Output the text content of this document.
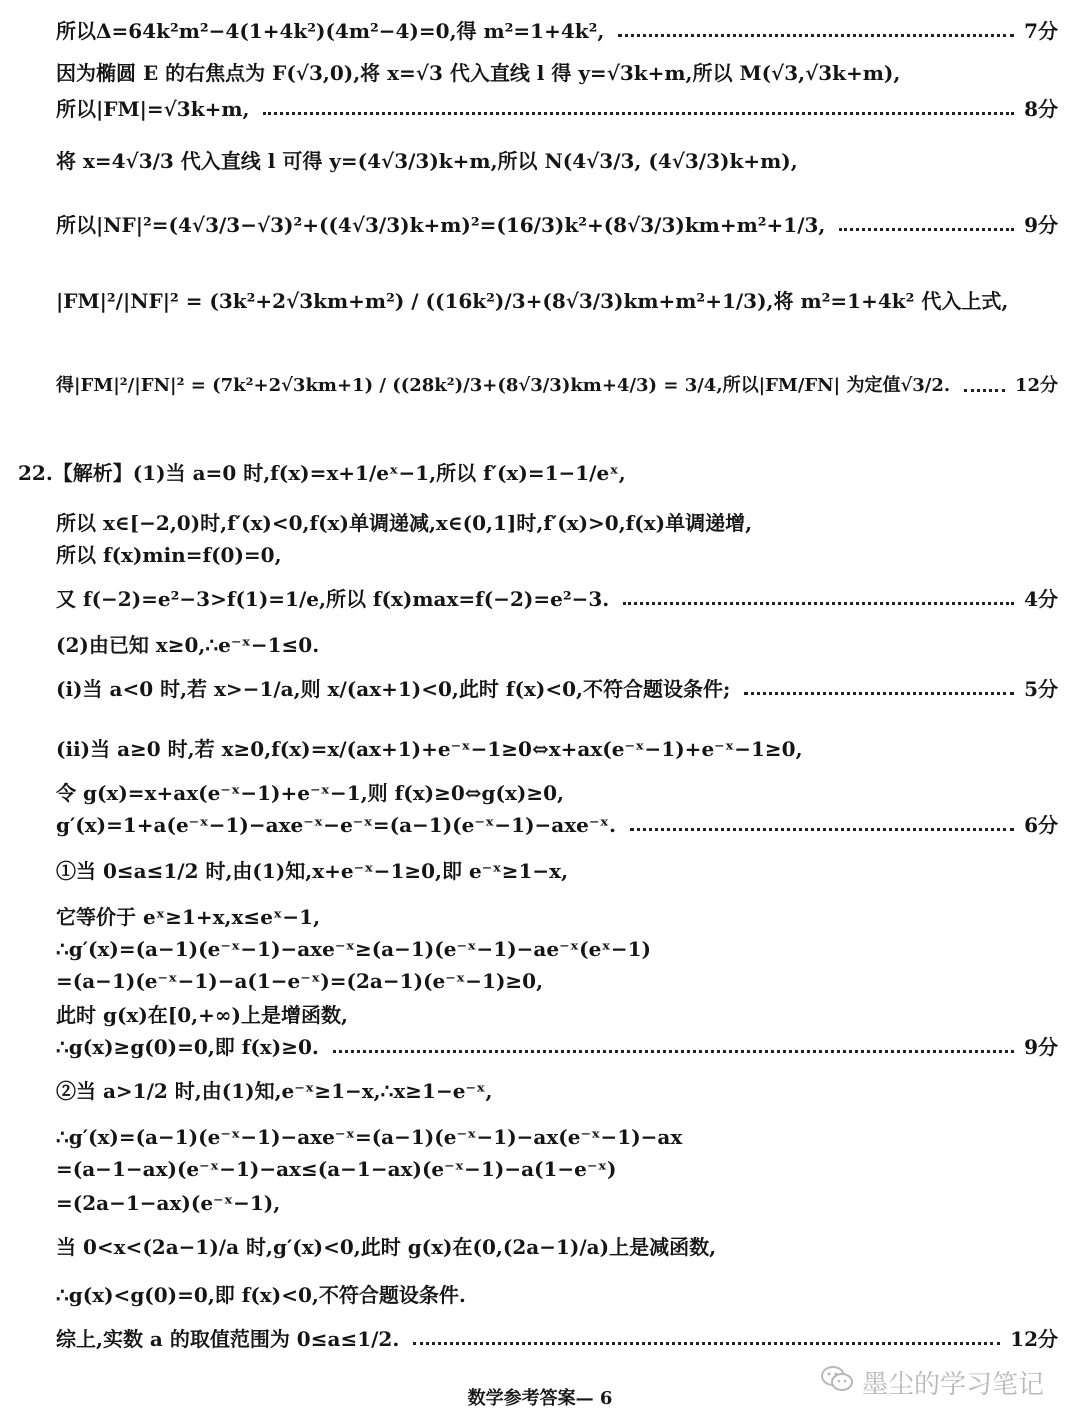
所以Δ=64k²m²−4(1+4k²)(4m²−4)=0,得 m²=1+4k²,	7分
因为椭圆 E 的右焦点为 F(√3,0),将 x=√3 代入直线 l 得 y=√3k+m,所以 M(√3,√3k+m),
所以|FM|=√3k+m,	8分
将 x=4√3/3 代入直线 l 可得 y=(4√3/3)k+m,所以 N(4√3/3, (4√3/3)k+m),
所以|NF|²=(4√3/3−√3)²+((4√3/3)k+m)²=(16/3)k²+(8√3/3)km+m²+1/3,	9分
|FM|²/|NF|² = (3k²+2√3km+m²) / ((16k²)/3+(8√3/3)km+m²+1/3),将 m²=1+4k² 代入上式,
得|FM|²/|FN|² = (7k²+2√3km+1) / ((28k²)/3+(8√3/3)km+4/3) = 3/4,所以|FM/FN| 为定值√3/2.	12分
22.【解析】(1)当 a=0 时,f(x)=x+1/eˣ−1,所以 f′(x)=1−1/eˣ,
所以 x∈[−2,0)时,f′(x)<0,f(x)单调递减,x∈(0,1]时,f′(x)>0,f(x)单调递增,
所以 f(x)min=f(0)=0,
又 f(−2)=e²−3>f(1)=1/e,所以 f(x)max=f(−2)=e²−3.	4分
(2)由已知 x≥0,∴e⁻ˣ−1≤0.
(ⅰ)当 a<0 时,若 x>−1/a,则 x/(ax+1)<0,此时 f(x)<0,不符合题设条件;	5分
(ⅱ)当 a≥0 时,若 x≥0,f(x)=x/(ax+1)+e⁻ˣ−1≥0⇔x+ax(e⁻ˣ−1)+e⁻ˣ−1≥0,
令 g(x)=x+ax(e⁻ˣ−1)+e⁻ˣ−1,则 f(x)≥0⇔g(x)≥0,
g′(x)=1+a(e⁻ˣ−1)−axe⁻ˣ−e⁻ˣ=(a−1)(e⁻ˣ−1)−axe⁻ˣ.	6分
①当 0≤a≤1/2 时,由(1)知,x+e⁻ˣ−1≥0,即 e⁻ˣ≥1−x,
它等价于 eˣ≥1+x,x≤eˣ−1,
∴g′(x)=(a−1)(e⁻ˣ−1)−axe⁻ˣ≥(a−1)(e⁻ˣ−1)−ae⁻ˣ(eˣ−1)
=(a−1)(e⁻ˣ−1)−a(1−e⁻ˣ)=(2a−1)(e⁻ˣ−1)≥0,
此时 g(x)在[0,+∞)上是增函数,
∴g(x)≥g(0)=0,即 f(x)≥0.	9分
②当 a>1/2 时,由(1)知,e⁻ˣ≥1−x,∴x≥1−e⁻ˣ,
∴g′(x)=(a−1)(e⁻ˣ−1)−axe⁻ˣ=(a−1)(e⁻ˣ−1)−ax(e⁻ˣ−1)−ax
=(a−1−ax)(e⁻ˣ−1)−ax≤(a−1−ax)(e⁻ˣ−1)−a(1−e⁻ˣ)
=(2a−1−ax)(e⁻ˣ−1),
当 0<x<(2a−1)/a 时,g′(x)<0,此时 g(x)在(0,(2a−1)/a)上是减函数,
∴g(x)<g(0)=0,即 f(x)<0,不符合题设条件.
综上,实数 a 的取值范围为 0≤a≤1/2.	12分
数学参考答案— 6	墨尘的学习笔记
